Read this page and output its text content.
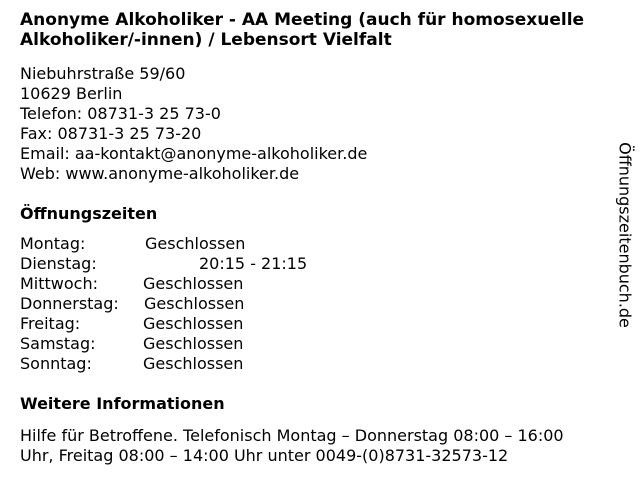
Anonyme Alkoholiker - AA Meeting (auch für homosexuelle Alkoholiker/-innen) / Lebensort Vielfalt
Niebuhrstraße 59/60
10629 Berlin
Telefon: 08731-3 25 73-0
Fax: 08731-3 25 73-20
Email: aa-kontakt@anonyme-alkoholiker.de
Web: www.anonyme-alkoholiker.de
Öffnungszeiten
Montag:	Geschlossen
Dienstag:	20:15 - 21:15
Mittwoch:	Geschlossen
Donnerstag: Geschlossen
Freitag:	Geschlossen
Samstag:	Geschlossen
Sonntag:	Geschlossen
Weitere Informationen
Hilfe für Betroffene. Telefonisch Montag – Donnerstag 08:00 – 16:00 Uhr, Freitag 08:00 – 14:00 Uhr unter 0049-(0)8731-32573-12
Öffnungszeitenbuch.de
